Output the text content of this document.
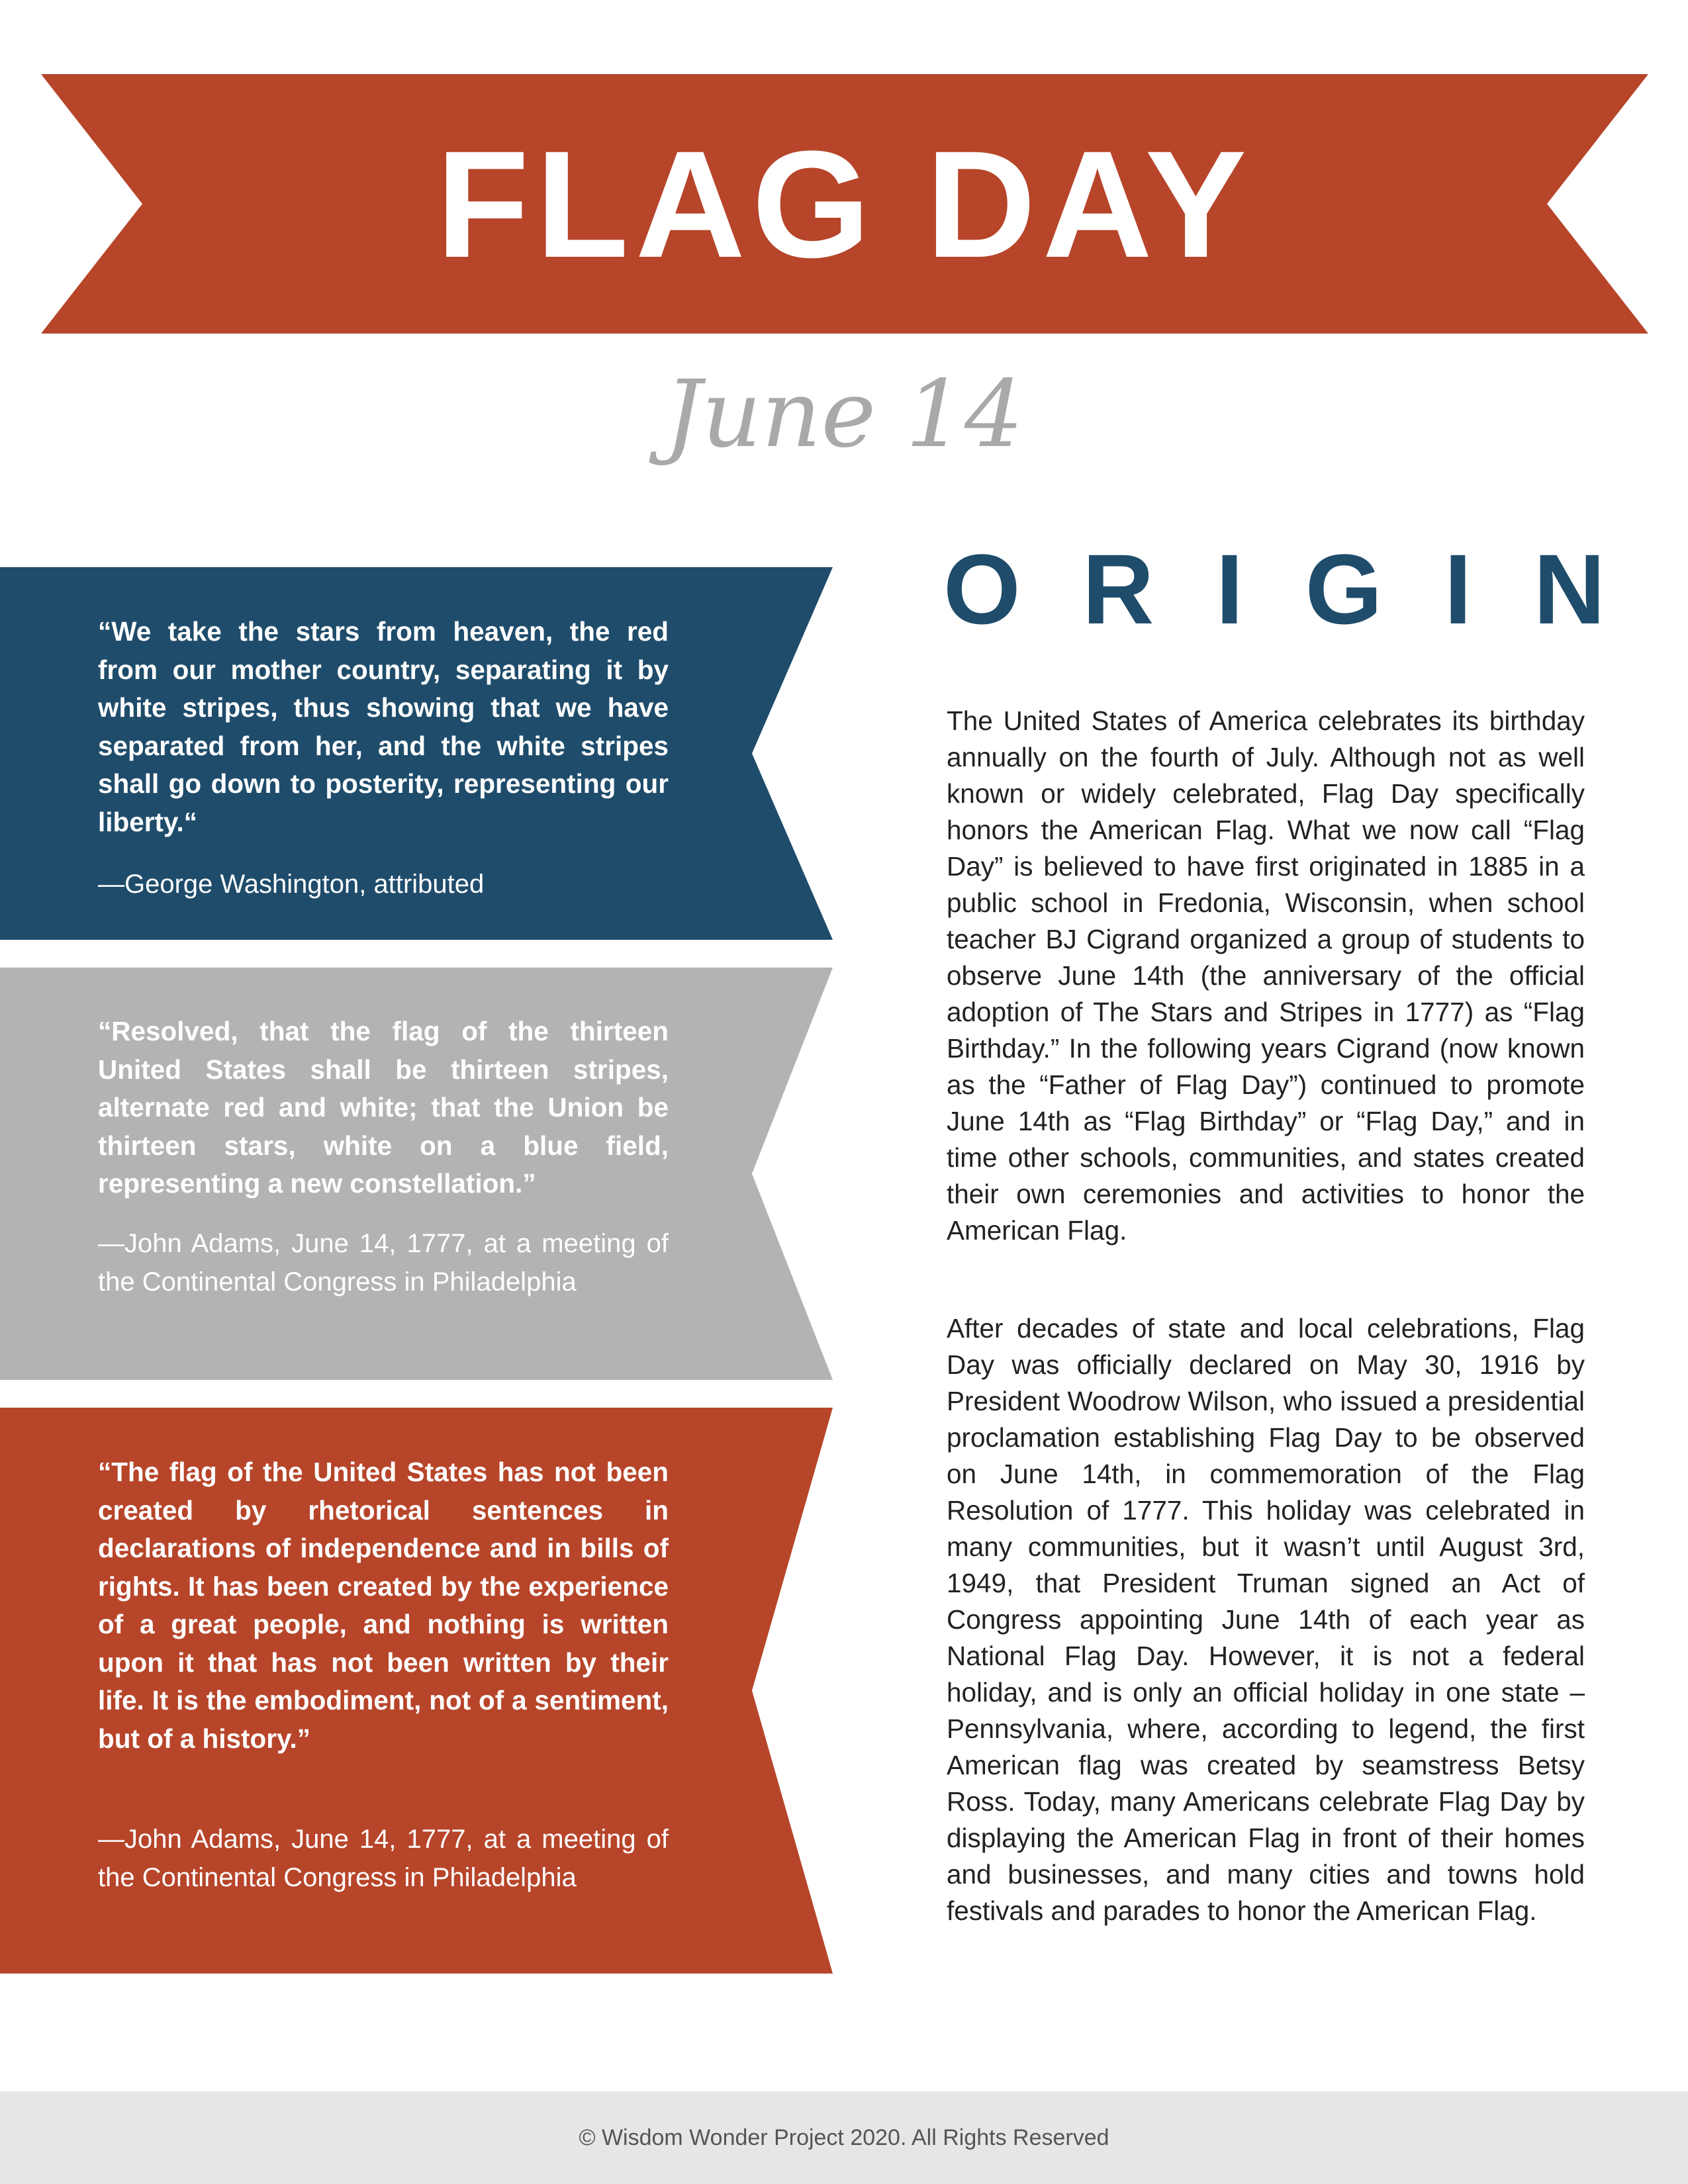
FLAG DAY
June 14
“We take the stars from heaven, the red from our mother country, separating it by white stripes, thus showing that we have separated from her, and the white stripes shall go down to posterity, representing our liberty.“
—George Washington, attributed
“Resolved, that the flag of the thirteen United States shall be thirteen stripes, alternate red and white; that the Union be thirteen stars, white on a blue field, representing a new constellation.”
—John Adams, June 14, 1777, at a meeting of the Continental Congress in Philadelphia
“The flag of the United States has not been created by rhetorical sentences in declarations of independence and in bills of rights. It has been created by the experience of a great people, and nothing is written upon it that has not been written by their life. It is the embodiment, not of a sentiment, but of a history.”
—John Adams, June 14, 1777, at a meeting of the Continental Congress in Philadelphia
O R I G I N

The United States of America celebrates its birthday annually on the fourth of July. Although not as well known or widely celebrated, Flag Day specifically honors the American Flag. What we now call “Flag Day” is believed to have first originated in 1885 in a public school in Fredonia, Wisconsin, when school teacher BJ Cigrand organized a group of students to observe June 14th (the anniversary of the official adoption of The Stars and Stripes in 1777) as “Flag Birthday.” In the following years Cigrand (now known as the “Father of Flag Day”) continued to promote June 14th as “Flag Birthday” or “Flag Day,” and in time other schools, communities, and states created their own ceremonies and activities to honor the American Flag.

After decades of state and local celebrations, Flag Day was officially declared on May 30, 1916 by President Woodrow Wilson, who issued a presidential proclamation establishing Flag Day to be observed on June 14th, in commemoration of the Flag Resolution of 1777. This holiday was celebrated in many communities, but it wasn’t until August 3rd, 1949, that President Truman signed an Act of Congress appointing June 14th of each year as National Flag Day. However, it is not a federal holiday, and is only an official holiday in one state – Pennsylvania, where, according to legend, the first American flag was created by seamstress Betsy Ross. Today, many Americans celebrate Flag Day by displaying the American Flag in front of their homes and businesses, and many cities and towns hold festivals and parades to honor the American Flag.

© Wisdom Wonder Project 2020. All Rights Reserved
